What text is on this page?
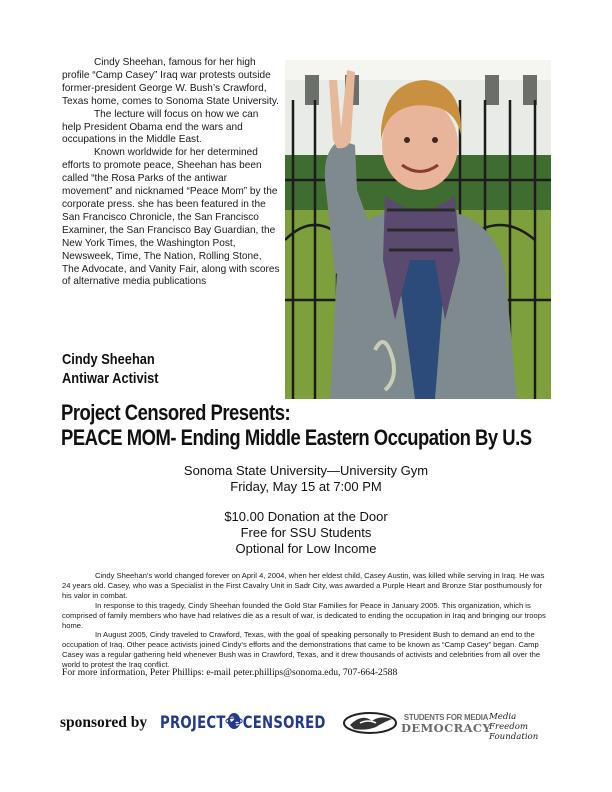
Cindy Sheehan, famous for her high profile “Camp Casey” Iraq war protests outside former-president George W. Bush’s Crawford, Texas home, comes to Sonoma State University.

The lecture will focus on how we can help President Obama end the wars and occupations in the Middle East.

Known worldwide for her determined efforts to promote peace, Sheehan has been called “the Rosa Parks of the antiwar movement” and nicknamed “Peace Mom” by the corporate press. she has been featured in the San Francisco Chronicle, the San Francisco Examiner, the San Francisco Bay Guardian, the New York Times, the Washington Post, Newsweek, Time, The Nation, Rolling Stone, The Advocate, and Vanity Fair, along with scores of alternative media publications

Cindy Sheehan
Antiwar Activist
Project Censored Presents:
PEACE MOM- Ending Middle Eastern Occupation By U.S
Sonoma State University—University Gym
Friday, May 15 at 7:00 PM
$10.00 Donation at the Door
Free for SSU Students
Optional for Low Income

Cindy Sheehan’s world changed forever on April 4, 2004, when her eldest child, Casey Austin, was killed while serving in Iraq. He was 24 years old. Casey, who was a Specialist in the First Cavalry Unit in Sadr City, was awarded a Purple Heart and Bronze Star posthumously for his valor in combat.

In response to this tragedy, Cindy Sheehan founded the Gold Star Families for Peace in January 2005. This organization, which is comprised of family members who have had relatives die as a result of war, is dedicated to ending the occupation in Iraq and bringing our troops home.

In August 2005, Cindy traveled to Crawford, Texas, with the goal of speaking personally to President Bush to demand an end to the occupation of Iraq. Other peace activists joined Cindy’s efforts and the demonstrations that came to be known as “Camp Casey” began. Camp Casey was a regular gathering held whenever Bush was in Crawford, Texas, and it drew thousands of activists and celebrities from all over the world to protest the Iraq conflict.

For more information, Peter Phillips: e-mail peter.phillips@sonoma.edu, 707-664-2588
sponsored by PROJECT CENSORED	STUDENTS FOR MEDIA
DEMOCRACY
Media Freedom
Foundation
